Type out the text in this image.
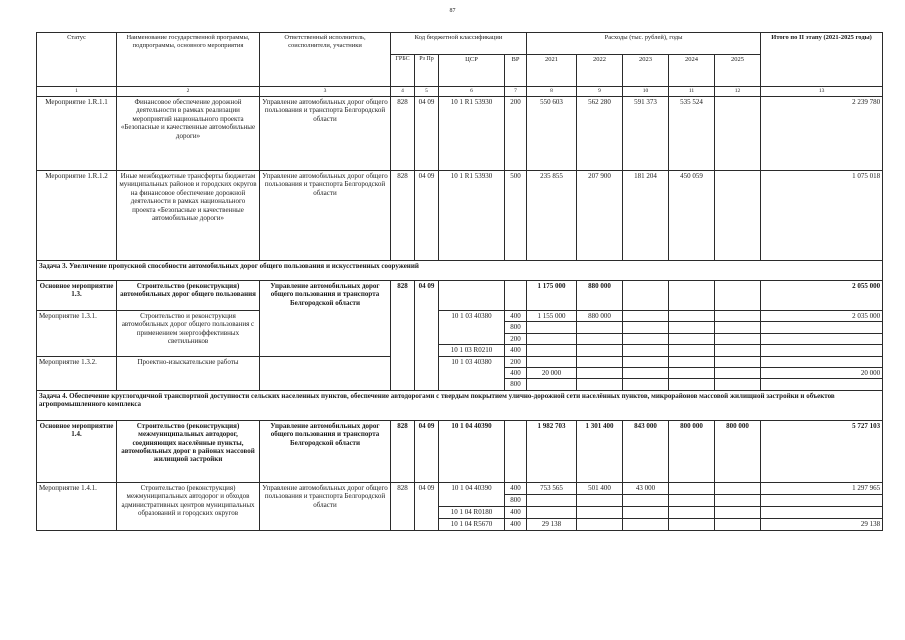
87
Статус	Наименование государственной программы, подпрограммы, основного мероприятия	Ответственный исполнитель, соисполнители, участники	Код бюджетной классификации				Расходы (тыс. рублей), годы					Итого по II этапу (2021-2025 годы)
			ГРБС	Рз Пр	ЦСР	ВР	2021	2022	2023	2024	2025	
1	2	3	4	5	6	7	8	9	10	11	12	13
Мероприятие 1.R.1.1	Финансовое обеспечение дорожной деятельности в рамках реализации мероприятий национального проекта «Безопасные и качественные автомобильные дороги»	Управление автомобильных дорог общего пользования и транспорта Белгородской области	828	04 09	10 1 R1 53930	200	550 603	562 280	591 373	535 524		2 239 780
Мероприятие 1.R.1.2	Иные межбюджетные трансферты бюджетам муниципальных районов и городских округов на финансовое обеспечение дорожной деятельности в рамках национального проекта «Безопасные и качественные автомобильные дороги»	Управление автомобильных дорог общего пользования и транспорта Белгородской области	828	04 09	10 1 R1 53930	500	235 855	207 900	181 204	450 059		1 075 018
Задача 3. Увеличение пропускной способности автомобильных дорог общего пользования и искусственных сооружений												
Основное мероприятие 1.3.	Строительство (реконструкция) автомобильных дорог общего пользования	Управление автомобильных дорог общего пользования и транспорта Белгородской области	828	04 09			1 175 000	880 000				2 055 000
Мероприятие 1.3.1.	Строительство и реконструкция автомобильных дорог общего пользования с применением энергоэффективных светильников				10 1 03 40380	400	1 155 000	880 000				2 035 000
						800						
						200						
					10 1 03 R0210	400						
Мероприятие 1.3.2.	Проектно-изыскательские работы				10 1 03 40380	200						
						400	20 000					20 000
						800						
Задача 4. Обеспечение круглогодичной транспортной доступности сельских населенных пунктов, обеспечение автодорогами с твердым покрытием улично-дорожной сети населённых пунктов, микрорайонов массовой жилищной застройки и объектов агропромышленного комплекса												
Основное мероприятие 1.4.	Строительство (реконструкция) межмуниципальных автодорог, соединяющих населённые пункты, автомобильных дорог в районах массовой жилищной застройки	Управление автомобильных дорог общего пользования и транспорта Белгородской области	828	04 09	10 1 04 40390		1 982 703	1 301 400	843 000	800 000	800 000	5 727 103
Мероприятие 1.4.1.	Строительство (реконструкция) межмуниципальных автодорог и обходов административных центров муниципальных образований и городских округов	Управление автомобильных дорог общего пользования и транспорта Белгородской области	828	04 09	10 1 04 40390	400	753 565	501 400	43 000			1 297 965
						800						
					10 1 04 R0180	400						
					10 1 04 R5670	400	29 138					29 138
